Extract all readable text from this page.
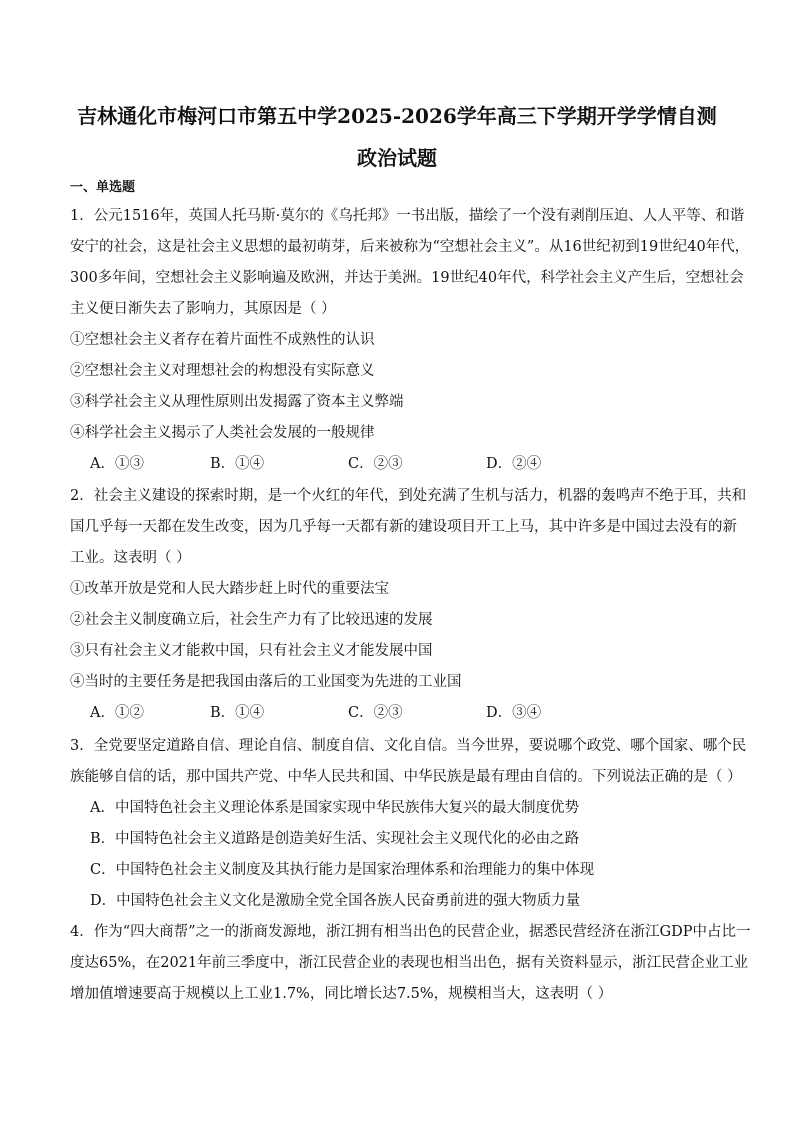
吉林通化市梅河口市第五中学2025-2026学年高三下学期开学学情自测
政治试题
一、单选题
1．公元1516年，英国人托马斯·莫尔的《乌托邦》一书出版，描绘了一个没有剥削压迫、人人平等、和谐
安宁的社会，这是社会主义思想的最初萌芽，后来被称为“空想社会主义”。从16世纪初到19世纪40年代，
300多年间，空想社会主义影响遍及欧洲，并达于美洲。19世纪40年代，科学社会主义产生后，空想社会
主义便日渐失去了影响力，其原因是（ ）
①空想社会主义者存在着片面性不成熟性的认识
②空想社会主义对理想社会的构想没有实际意义
③科学社会主义从理性原则出发揭露了资本主义弊端
④科学社会主义揭示了人类社会发展的一般规律
A．①③	B．①④	C．②③	D．②④
2．社会主义建设的探索时期，是一个火红的年代，到处充满了生机与活力，机器的轰鸣声不绝于耳，共和
国几乎每一天都在发生改变，因为几乎每一天都有新的建设项目开工上马，其中许多是中国过去没有的新
工业。这表明（ ）
①改革开放是党和人民大踏步赶上时代的重要法宝
②社会主义制度确立后，社会生产力有了比较迅速的发展
③只有社会主义才能救中国，只有社会主义才能发展中国
④当时的主要任务是把我国由落后的工业国变为先进的工业国
A．①②	B．①④	C．②③	D．③④
3．全党要坚定道路自信、理论自信、制度自信、文化自信。当今世界，要说哪个政党、哪个国家、哪个民
族能够自信的话，那中国共产党、中华人民共和国、中华民族是最有理由自信的。下列说法正确的是（ ）
A．中国特色社会主义理论体系是国家实现中华民族伟大复兴的最大制度优势
B．中国特色社会主义道路是创造美好生活、实现社会主义现代化的必由之路
C．中国特色社会主义制度及其执行能力是国家治理体系和治理能力的集中体现
D．中国特色社会主义文化是激励全党全国各族人民奋勇前进的强大物质力量
4．作为“四大商帮”之一的浙商发源地，浙江拥有相当出色的民营企业，据悉民营经济在浙江GDP中占比一
度达65%，在2021年前三季度中，浙江民营企业的表现也相当出色，据有关资料显示，浙江民营企业工业
增加值增速要高于规模以上工业1.7%，同比增长达7.5%，规模相当大，这表明（ ）
